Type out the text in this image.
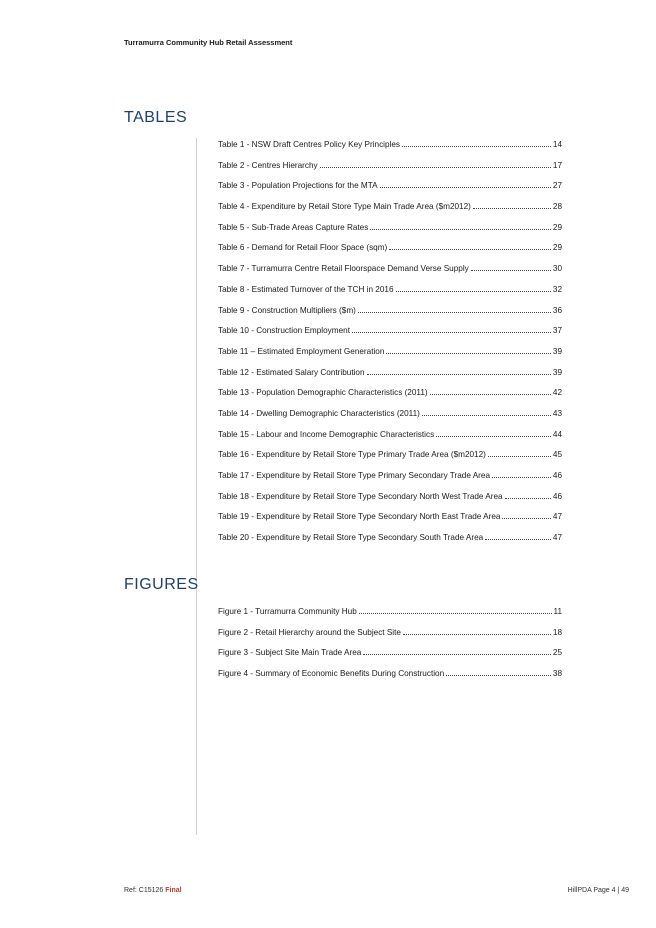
Turramurra Community Hub Retail Assessment
TABLES
Table 1 - NSW Draft Centres Policy Key Principles	14
Table 2 - Centres Hierarchy	17
Table 3 - Population Projections for the MTA	27
Table 4 - Expenditure by Retail Store Type Main Trade Area ($m2012)	28
Table 5 - Sub-Trade Areas Capture Rates	29
Table 6 - Demand for Retail Floor Space (sqm)	29
Table 7 - Turramurra Centre Retail Floorspace Demand Verse Supply	30
Table 8 - Estimated Turnover of the TCH in 2016	32
Table 9 - Construction Multipliers ($m)	36
Table 10 - Construction Employment	37
Table 11 – Estimated Employment Generation	39
Table 12 - Estimated Salary Contribution	39
Table 13 - Population Demographic Characteristics (2011)	42
Table 14 - Dwelling Demographic Characteristics (2011)	43
Table 15 - Labour and Income Demographic Characteristics	44
Table 16 - Expenditure by Retail Store Type Primary Trade Area ($m2012)	45
Table 17 - Expenditure by Retail Store Type Primary Secondary Trade Area	46
Table 18 - Expenditure by Retail Store Type Secondary North West Trade Area	46
Table 19 - Expenditure by Retail Store Type Secondary North East Trade Area	47
Table 20 - Expenditure by Retail Store Type Secondary South Trade Area	47
FIGURES
Figure 1 - Turramurra Community Hub	11
Figure 2 - Retail Hierarchy around the Subject Site	18
Figure 3 - Subject Site Main Trade Area	25
Figure 4 - Summary of Economic Benefits During Construction	38
Ref: C15126 Final	HillPDA Page 4 | 49
